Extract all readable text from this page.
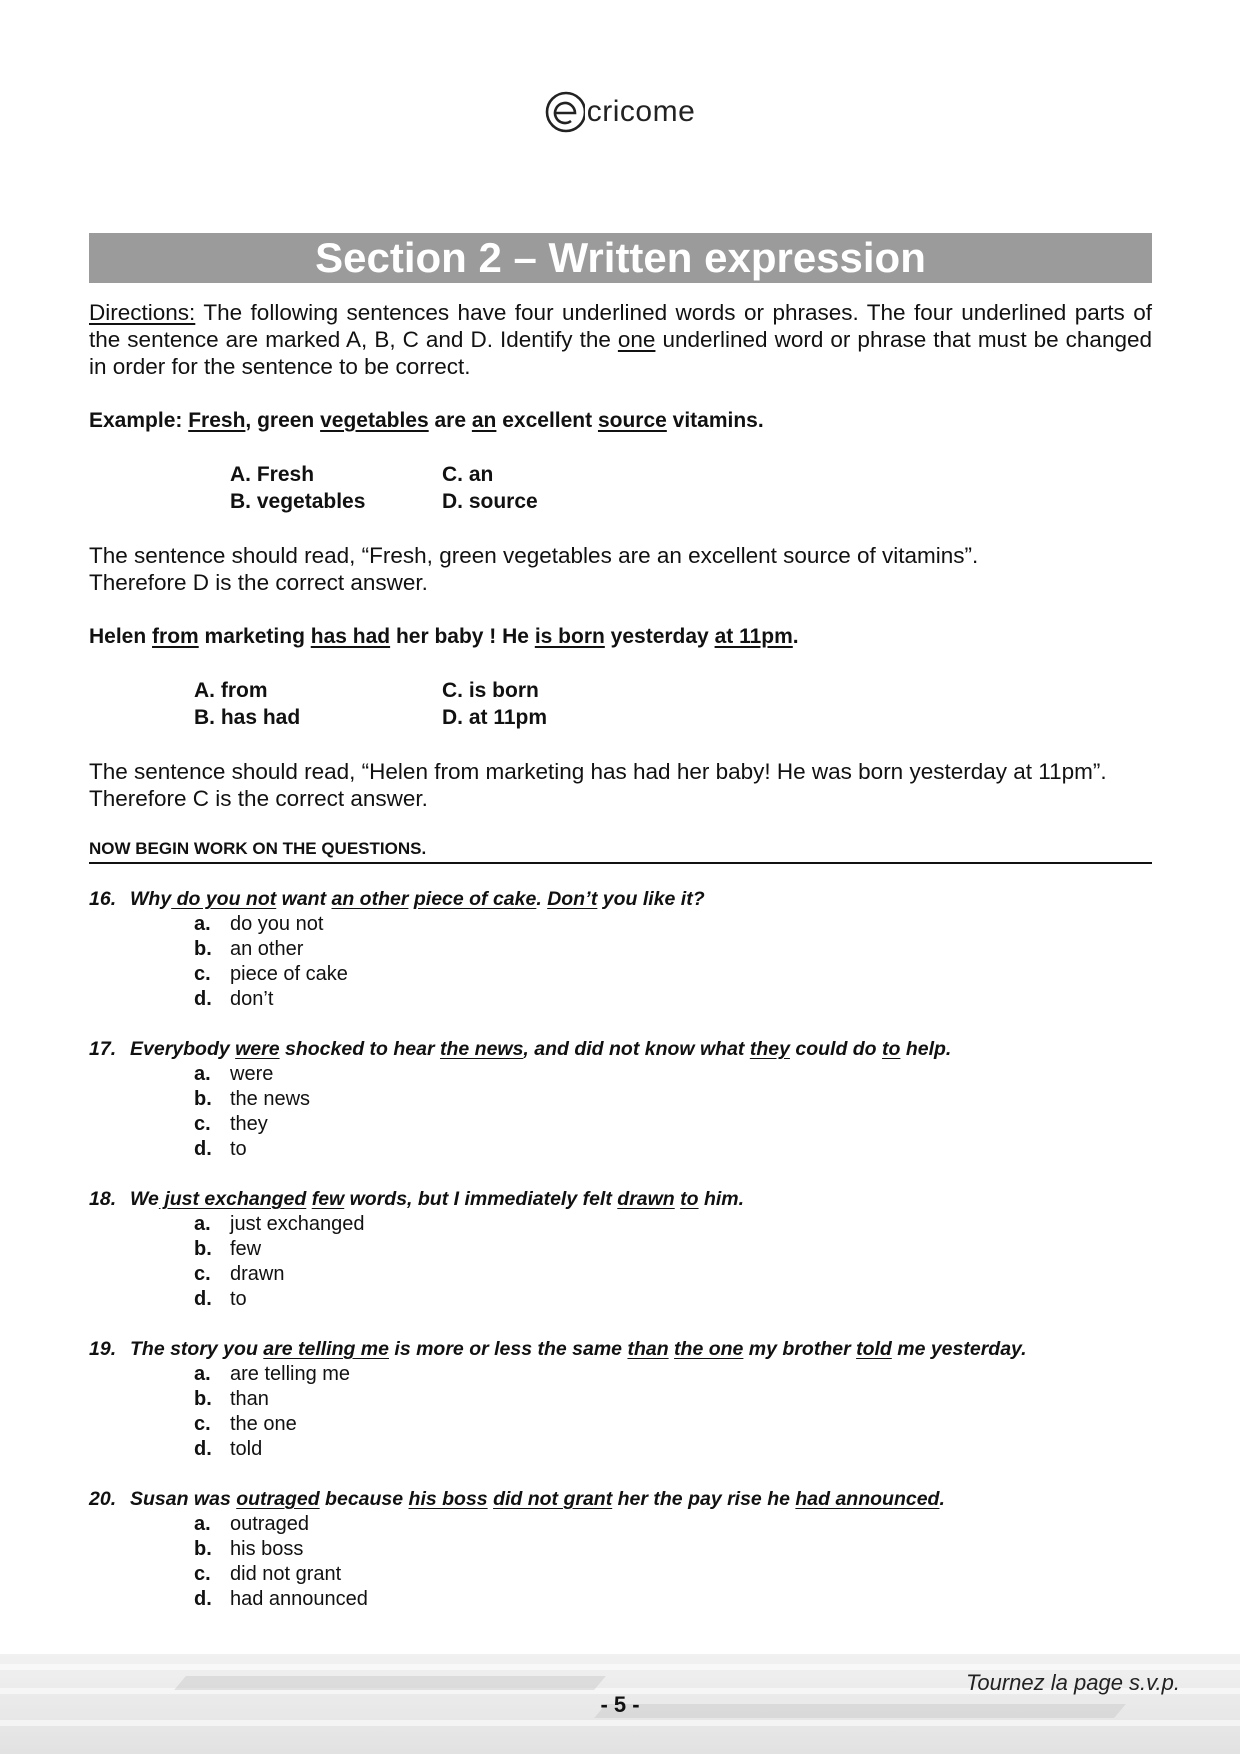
cricome
Section 2 – Written expression

Directions: The following sentences have four underlined words or phrases. The four underlined parts of the sentence are marked A, B, C and D. Identify the one underlined word or phrase that must be changed in order for the sentence to be correct.

Example: Fresh, green vegetables are an excellent source vitamins.

A. Fresh	C. an
B. vegetables	D. source

The sentence should read, “Fresh, green vegetables are an excellent source of vitamins”.

Therefore D is the correct answer.

Helen from marketing has had her baby ! He is born yesterday at 11pm.

A. from	C. is born
B. has had	D. at 11pm

The sentence should read, “Helen from marketing has had her baby! He was born yesterday at 11pm”.

Therefore C is the correct answer.

NOW BEGIN WORK ON THE QUESTIONS.
16. Why do you not want an other piece of cake. Don’t you like it?
a. do you not
b. an other
c. piece of cake
d. don’t
17. Everybody were shocked to hear the news, and did not know what they could do to help.
a. were
b. the news
c. they
d. to
18. We just exchanged few words, but I immediately felt drawn to him.
a. just exchanged
b. few
c. drawn
d. to
19. The story you are telling me is more or less the same than the one my brother told me yesterday.
a. are telling me
b. than
c. the one
d. told
20. Susan was outraged because his boss did not grant her the pay rise he had announced.
a. outraged
b. his boss
c. did not grant
d. had announced
Tournez la page s.v.p.
- 5 -
